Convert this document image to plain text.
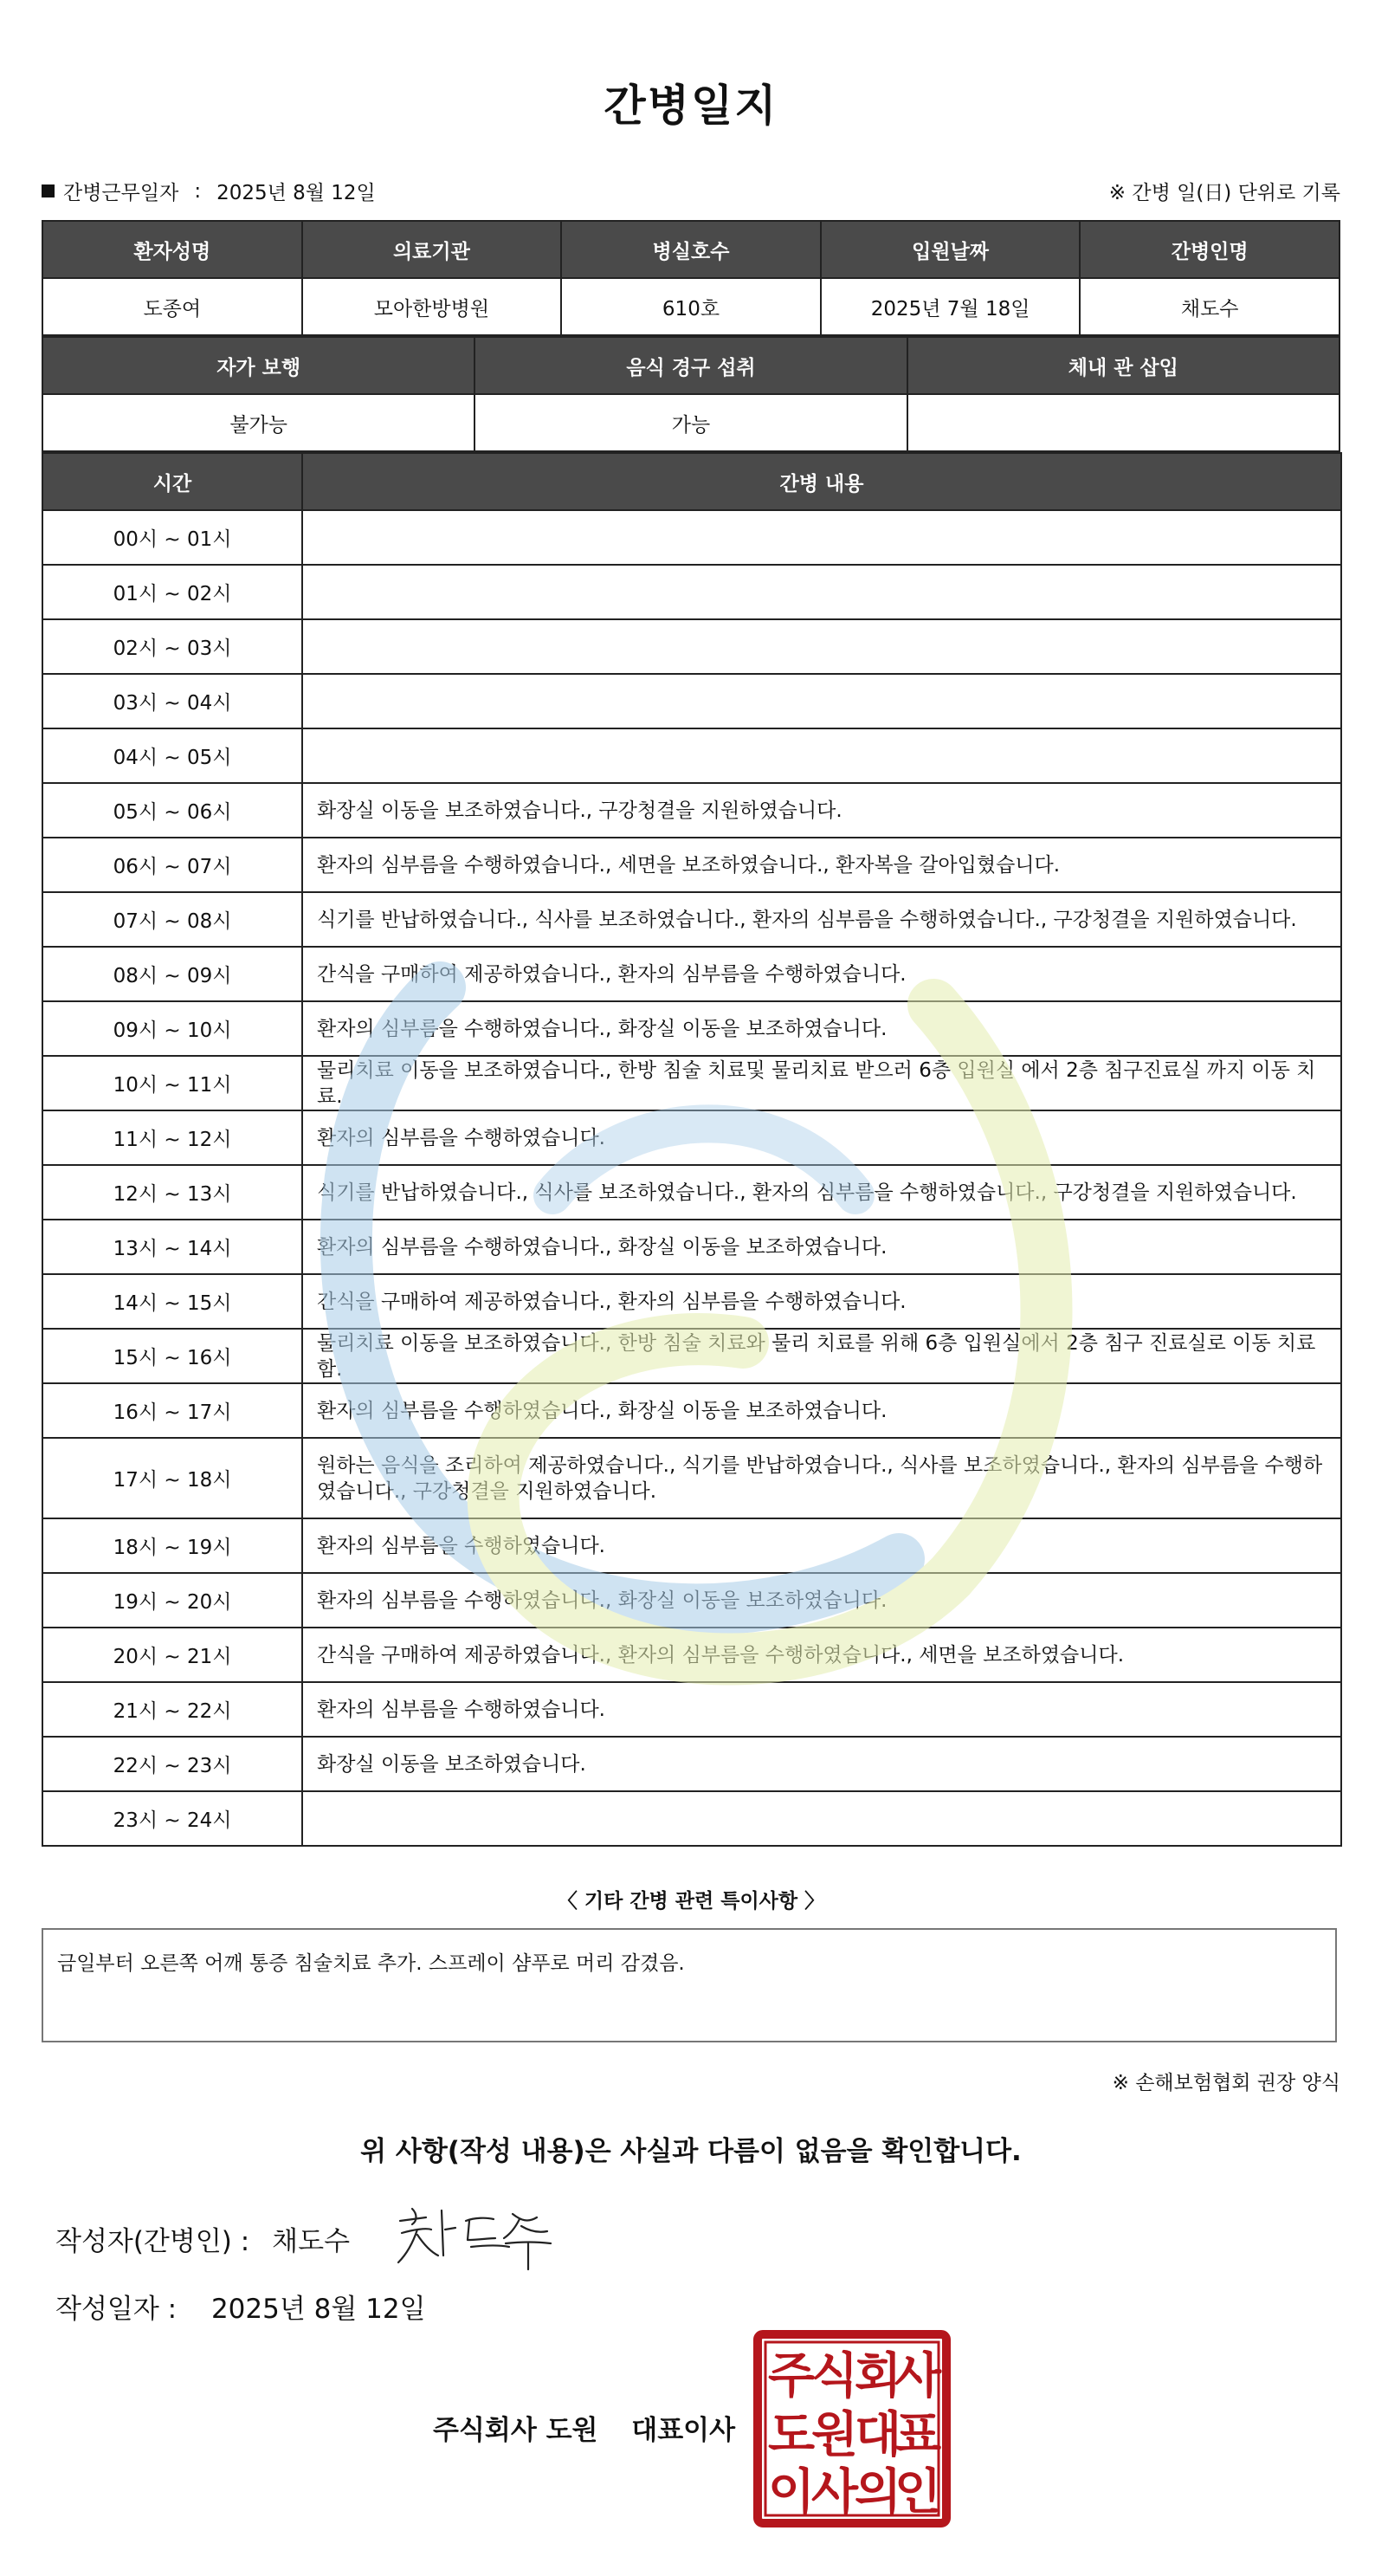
간병일지
간병근무일자 : 2025년 8월 12일	※ 간병 일(日) 단위로 기록
환자성명	의료기관	병실호수	입원날짜	간병인명
도종여	모아한방병원	610호	2025년 7월 18일	채도수
자가 보행	음식 경구 섭취	체내 관 삽입
불가능	가능	
시간	간병 내용
00시 ~ 01시	
01시 ~ 02시	
02시 ~ 03시	
03시 ~ 04시	
04시 ~ 05시	
05시 ~ 06시	화장실 이동을 보조하였습니다., 구강청결을 지원하였습니다.
06시 ~ 07시	환자의 심부름을 수행하였습니다., 세면을 보조하였습니다., 환자복을 갈아입혔습니다.
07시 ~ 08시	식기를 반납하였습니다., 식사를 보조하였습니다., 환자의 심부름을 수행하였습니다., 구강청결을 지원하였습니다.
08시 ~ 09시	간식을 구매하여 제공하였습니다., 환자의 심부름을 수행하였습니다.
09시 ~ 10시	환자의 심부름을 수행하였습니다., 화장실 이동을 보조하였습니다.
10시 ~ 11시	물리치료 이동을 보조하였습니다., 한방 침술 치료및 물리치료 받으러 6층 입원실 에서 2층 침구진료실 까지 이동 치료.
11시 ~ 12시	환자의 심부름을 수행하였습니다.
12시 ~ 13시	식기를 반납하였습니다., 식사를 보조하였습니다., 환자의 심부름을 수행하였습니다., 구강청결을 지원하였습니다.
13시 ~ 14시	환자의 심부름을 수행하였습니다., 화장실 이동을 보조하였습니다.
14시 ~ 15시	간식을 구매하여 제공하였습니다., 환자의 심부름을 수행하였습니다.
15시 ~ 16시	물리치료 이동을 보조하였습니다., 한방 침술 치료와 물리 치료를 위해 6층 입원실에서 2층 침구 진료실로 이동 치료함.
16시 ~ 17시	환자의 심부름을 수행하였습니다., 화장실 이동을 보조하였습니다.
17시 ~ 18시	원하는 음식을 조리하여 제공하였습니다., 식기를 반납하였습니다., 식사를 보조하였습니다., 환자의 심부름을 수행하였습니다., 구강청결을 지원하였습니다.
18시 ~ 19시	환자의 심부름을 수행하였습니다.
19시 ~ 20시	환자의 심부름을 수행하였습니다., 화장실 이동을 보조하였습니다.
20시 ~ 21시	간식을 구매하여 제공하였습니다., 환자의 심부름을 수행하였습니다., 세면을 보조하였습니다.
21시 ~ 22시	환자의 심부름을 수행하였습니다.
22시 ~ 23시	화장실 이동을 보조하였습니다.
23시 ~ 24시	
〈 기타 간병 관련 특이사항 〉
금일부터 오른쪽 어깨 통증 침술치료 추가. 스프레이 샴푸로 머리 감겼음.
※ 손해보험협회 권장 양식
위 사항(작성 내용)은 사실과 다름이 없음을 확인합니다.
작성자(간병인) : 채도수
작성일자 : 2025년 8월 12일
주식회사 도원 대표이사
주
식
회
사
도
원
대
표
이
사
의
인
